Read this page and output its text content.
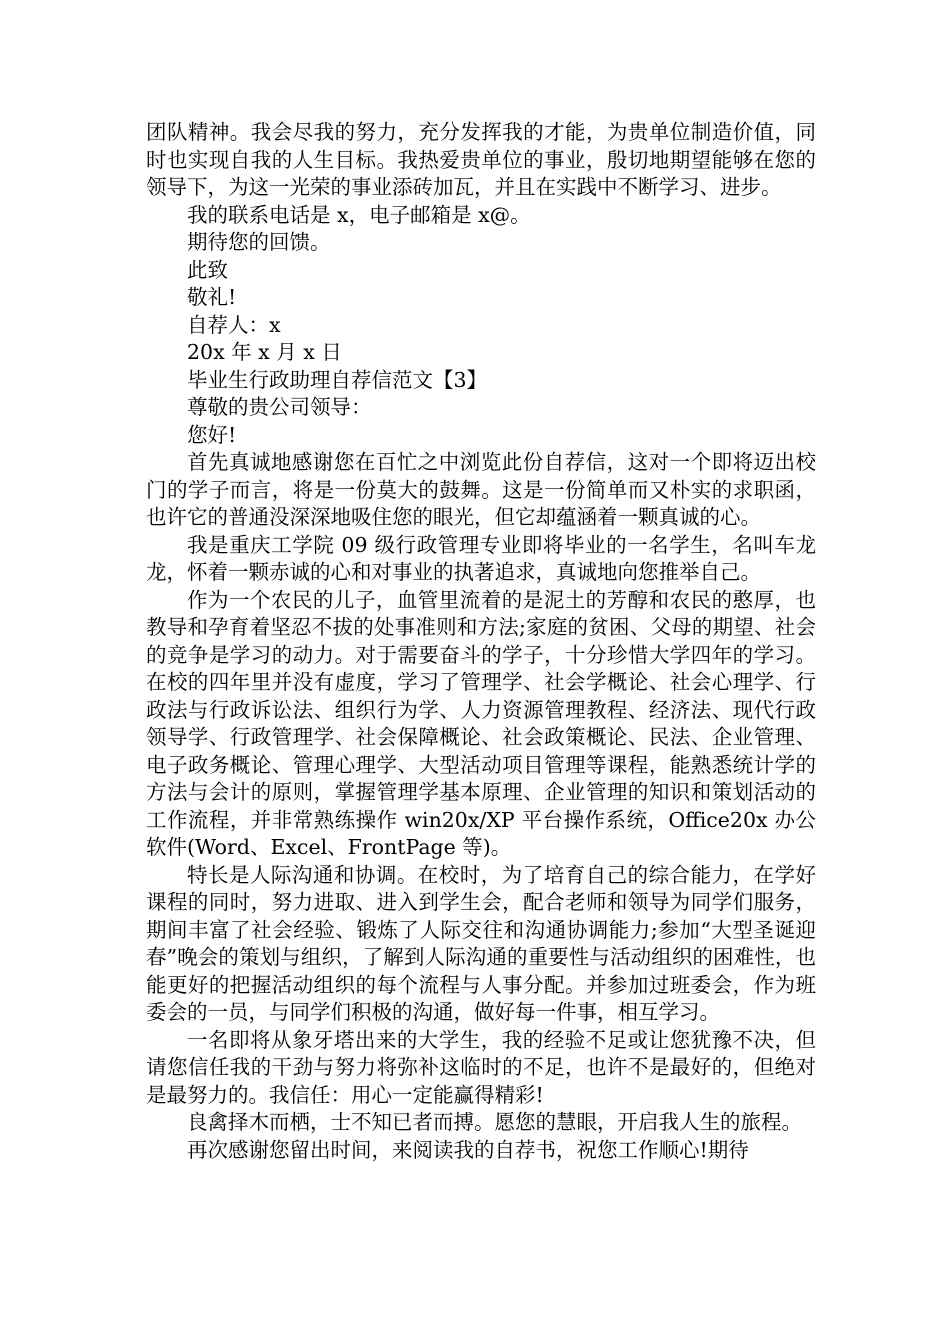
团队精神。我会尽我的努力，充分发挥我的才能，为贵单位制造价值，同时也实现自我的人生目标。我热爱贵单位的事业，殷切地期望能够在您的领导下，为这一光荣的事业添砖加瓦，并且在实践中不断学习、进步。

我的联系电话是 x，电子邮箱是 x@。

期待您的回馈。

此致

敬礼!

自荐人：x

20x 年 x 月 x 日

毕业生行政助理自荐信范文【3】

尊敬的贵公司领导：

您好!

首先真诚地感谢您在百忙之中浏览此份自荐信，这对一个即将迈出校门的学子而言，将是一份莫大的鼓舞。这是一份简单而又朴实的求职函，也许它的普通没深深地吸住您的眼光，但它却蕴涵着一颗真诚的心。

我是重庆工学院 09 级行政管理专业即将毕业的一名学生，名叫车龙龙，怀着一颗赤诚的心和对事业的执著追求，真诚地向您推举自己。

作为一个农民的儿子，血管里流着的是泥土的芳醇和农民的憨厚，也教导和孕育着坚忍不拔的处事准则和方法;家庭的贫困、父母的期望、社会的竞争是学习的动力。对于需要奋斗的学子，十分珍惜大学四年的学习。在校的四年里并没有虚度，学习了管理学、社会学概论、社会心理学、行政法与行政诉讼法、组织行为学、人力资源管理教程、经济法、现代行政领导学、行政管理学、社会保障概论、社会政策概论、民法、企业管理、电子政务概论、管理心理学、大型活动项目管理等课程，能熟悉统计学的方法与会计的原则，掌握管理学基本原理、企业管理的知识和策划活动的工作流程，并非常熟练操作 win20x/XP 平台操作系统，Office20x 办公软件(Word、Excel、FrontPage 等)。

特长是人际沟通和协调。在校时，为了培育自己的综合能力，在学好课程的同时，努力进取、进入到学生会，配合老师和领导为同学们服务，期间丰富了社会经验、锻炼了人际交往和沟通协调能力;参加“大型圣诞迎春”晚会的策划与组织，了解到人际沟通的重要性与活动组织的困难性，也能更好的把握活动组织的每个流程与人事分配。并参加过班委会，作为班委会的一员，与同学们积极的沟通，做好每一件事，相互学习。

一名即将从象牙塔出来的大学生，我的经验不足或让您犹豫不决，但请您信任我的干劲与努力将弥补这临时的不足，也许不是最好的，但绝对是最努力的。我信任：用心一定能赢得精彩!

良禽择木而栖，士不知已者而搏。愿您的慧眼，开启我人生的旅程。

再次感谢您留出时间，来阅读我的自荐书，祝您工作顺心!期待
